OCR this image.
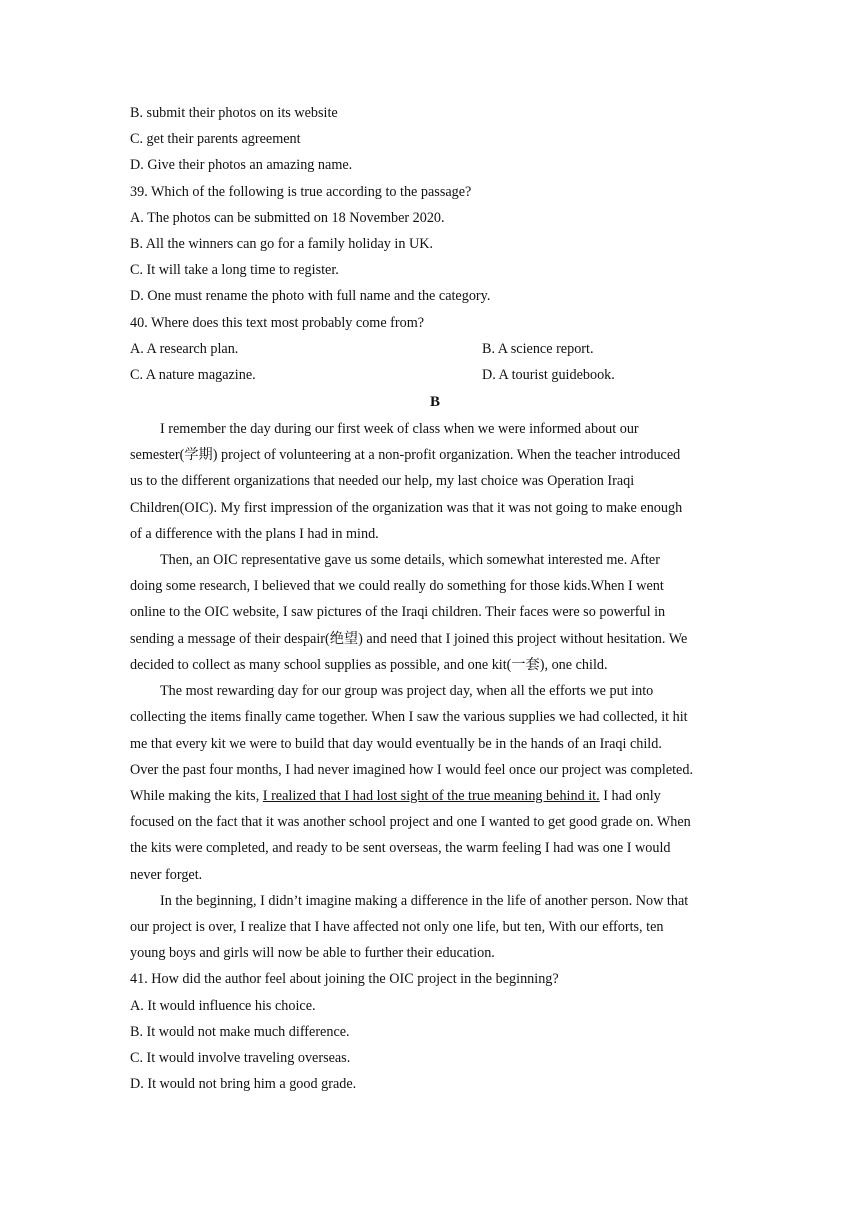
B. submit their photos on its website
C. get their parents agreement
D. Give their photos an amazing name.
39. Which of the following is true according to the passage?
A. The photos can be submitted on 18 November 2020.
B. All the winners can go for a family holiday in UK.
C. It will take a long time to register.
D. One must rename the photo with full name and the category.
40. Where does this text most probably come from?
A. A research plan.	B. A science report.
C. A nature magazine.	D. A tourist guidebook.
B
I remember the day during our first week of class when we were informed about our
semester(学期) project of volunteering at a non-profit organization. When the teacher introduced
us to the different organizations that needed our help, my last choice was Operation Iraqi
Children(OIC). My first impression of the organization was that it was not going to make enough
of a difference with the plans I had in mind.
Then, an OIC representative gave us some details, which somewhat interested me. After
doing some research, I believed that we could really do something for those kids.When I went
online to the OIC website, I saw pictures of the Iraqi children. Their faces were so powerful in
sending a message of their despair(绝望) and need that I joined this project without hesitation. We
decided to collect as many school supplies as possible, and one kit(一套), one child.
The most rewarding day for our group was project day, when all the efforts we put into
collecting the items finally came together. When I saw the various supplies we had collected, it hit
me that every kit we were to build that day would eventually be in the hands of an Iraqi child.
Over the past four months, I had never imagined how I would feel once our project was completed.
While making the kits, I realized that I had lost sight of the true meaning behind it. I had only
focused on the fact that it was another school project and one I wanted to get good grade on. When
the kits were completed, and ready to be sent overseas, the warm feeling I had was one I would
never forget.
In the beginning, I didn’t imagine making a difference in the life of another person. Now that
our project is over, I realize that I have affected not only one life, but ten, With our efforts, ten
young boys and girls will now be able to further their education.
41. How did the author feel about joining the OIC project in the beginning?
A. It would influence his choice.
B. It would not make much difference.
C. It would involve traveling overseas.
D. It would not bring him a good grade.
